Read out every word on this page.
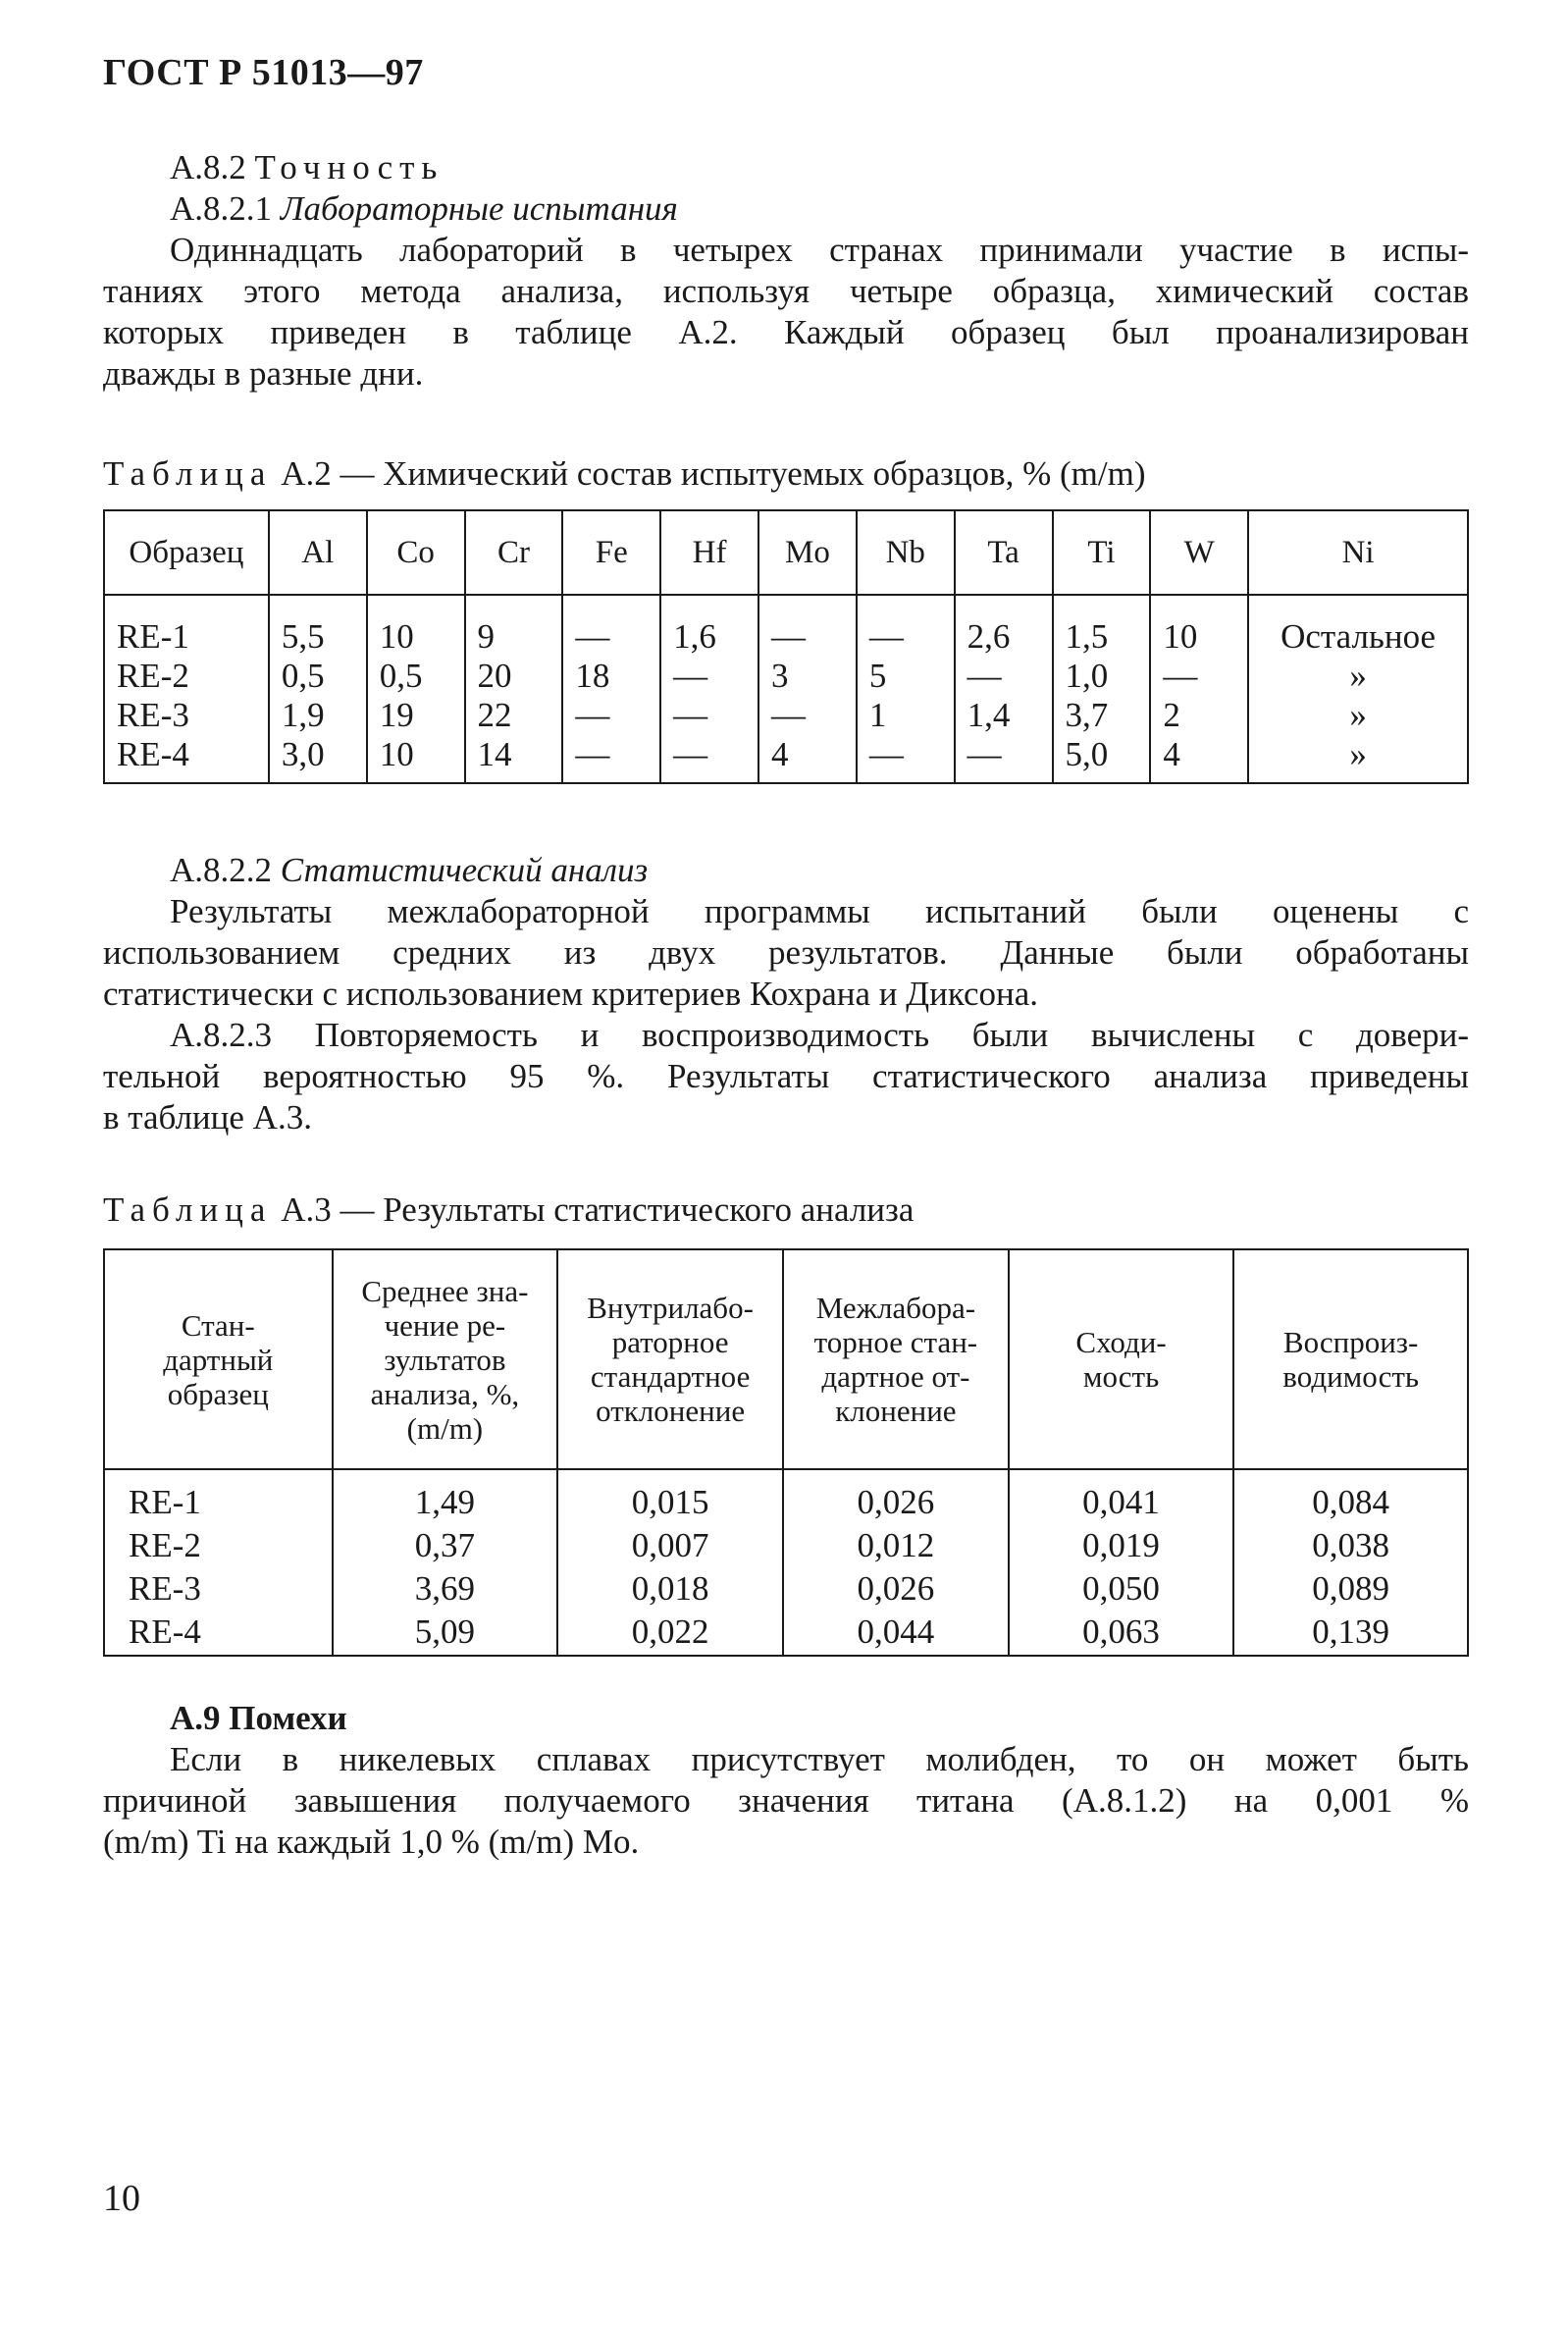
ГОСТ Р 51013—97
А.8.2 Точность
А.8.2.1 Лабораторные испытания
Одиннадцать лабораторий в четырех странах принимали участие в испы-
таниях этого метода анализа, используя четыре образца, химический состав
которых приведен в таблице А.2. Каждый образец был проанализирован
дважды в разные дни.
Таблица А.2 — Химический состав испытуемых образцов, % (m/m)
Образец	Al	Co	Cr	Fe	Hf	Mo	Nb	Ta	Ti	W	Ni
RE-1	5,5	10	9	—	1,6	—	—	2,6	1,5	10	Остальное
RE-2	0,5	0,5	20	18	—	3	5	—	1,0	—	»
RE-3	1,9	19	22	—	—	—	1	1,4	3,7	2	»
RE-4	3,0	10	14	—	—	4	—	—	5,0	4	»
А.8.2.2 Статистический анализ
Результаты межлабораторной программы испытаний были оценены с
использованием средних из двух результатов. Данные были обработаны
статистически с использованием критериев Кохрана и Диксона.
А.8.2.3 Повторяемость и воспроизводимость были вычислены с довери-
тельной вероятностью 95 %. Результаты статистического анализа приведены
в таблице А.3.
Таблица А.3 — Результаты статистического анализа
Стан-
дартный
образец	Среднее зна-
чение ре-
зультатов
анализа, %,
(m/m)	Внутрилабо-
раторное
стандартное
отклонение	Межлабора-
торное стан-
дартное от-
клонение	Сходи-
мость	Воспроиз-
водимость

RE-1	1,49	0,015	0,026	0,041	0,084
RE-2	0,37	0,007	0,012	0,019	0,038
RE-3	3,69	0,018	0,026	0,050	0,089
RE-4	5,09	0,022	0,044	0,063	0,139
А.9 Помехи
Если в никелевых сплавах присутствует молибден, то он может быть
причиной завышения получаемого значения титана (А.8.1.2) на 0,001 %
(m/m) Ti на каждый 1,0 % (m/m) Mo.
10
